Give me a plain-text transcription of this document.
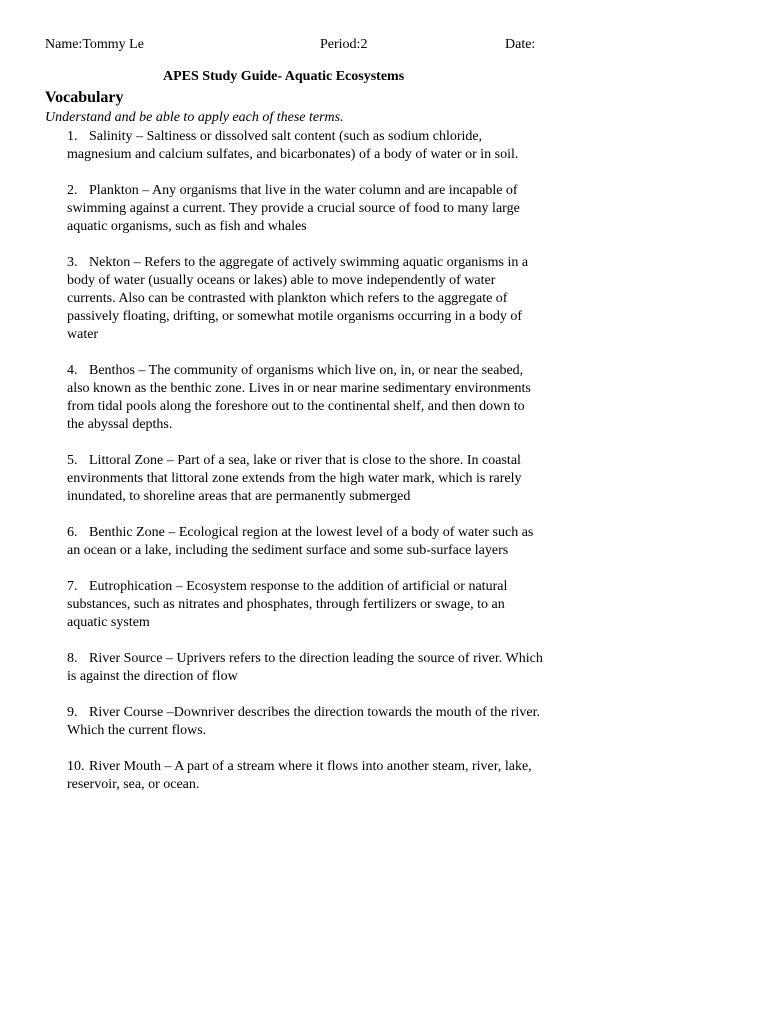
Name:Tommy Le	Period:2	Date:
APES Study Guide- Aquatic Ecosystems
Vocabulary
Understand and be able to apply each of these terms.
1. Salinity – Saltiness or dissolved salt content (such as sodium chloride, magnesium and calcium sulfates, and bicarbonates) of a body of water or in soil.
2. Plankton – Any organisms that live in the water column and are incapable of swimming against a current. They provide a crucial source of food to many large aquatic organisms, such as fish and whales
3. Nekton – Refers to the aggregate of actively swimming aquatic organisms in a body of water (usually oceans or lakes) able to move independently of water currents. Also can be contrasted with plankton which refers to the aggregate of passively floating, drifting, or somewhat motile organisms occurring in a body of water
4. Benthos – The community of organisms which live on, in, or near the seabed, also known as the benthic zone. Lives in or near marine sedimentary environments from tidal pools along the foreshore out to the continental shelf, and then down to the abyssal depths.
5. Littoral Zone – Part of a sea, lake or river that is close to the shore. In coastal environments that littoral zone extends from the high water mark, which is rarely inundated, to shoreline areas that are permanently submerged
6. Benthic Zone – Ecological region at the lowest level of a body of water such as an ocean or a lake, including the sediment surface and some sub-surface layers
7. Eutrophication – Ecosystem response to the addition of artificial or natural substances, such as nitrates and phosphates, through fertilizers or swage, to an aquatic system
8. River Source – Uprivers refers to the direction leading the source of river. Which is against the direction of flow
9. River Course –Downriver describes the direction towards the mouth of the river. Which the current flows.
10. River Mouth – A part of a stream where it flows into another steam, river, lake, reservoir, sea, or ocean.
